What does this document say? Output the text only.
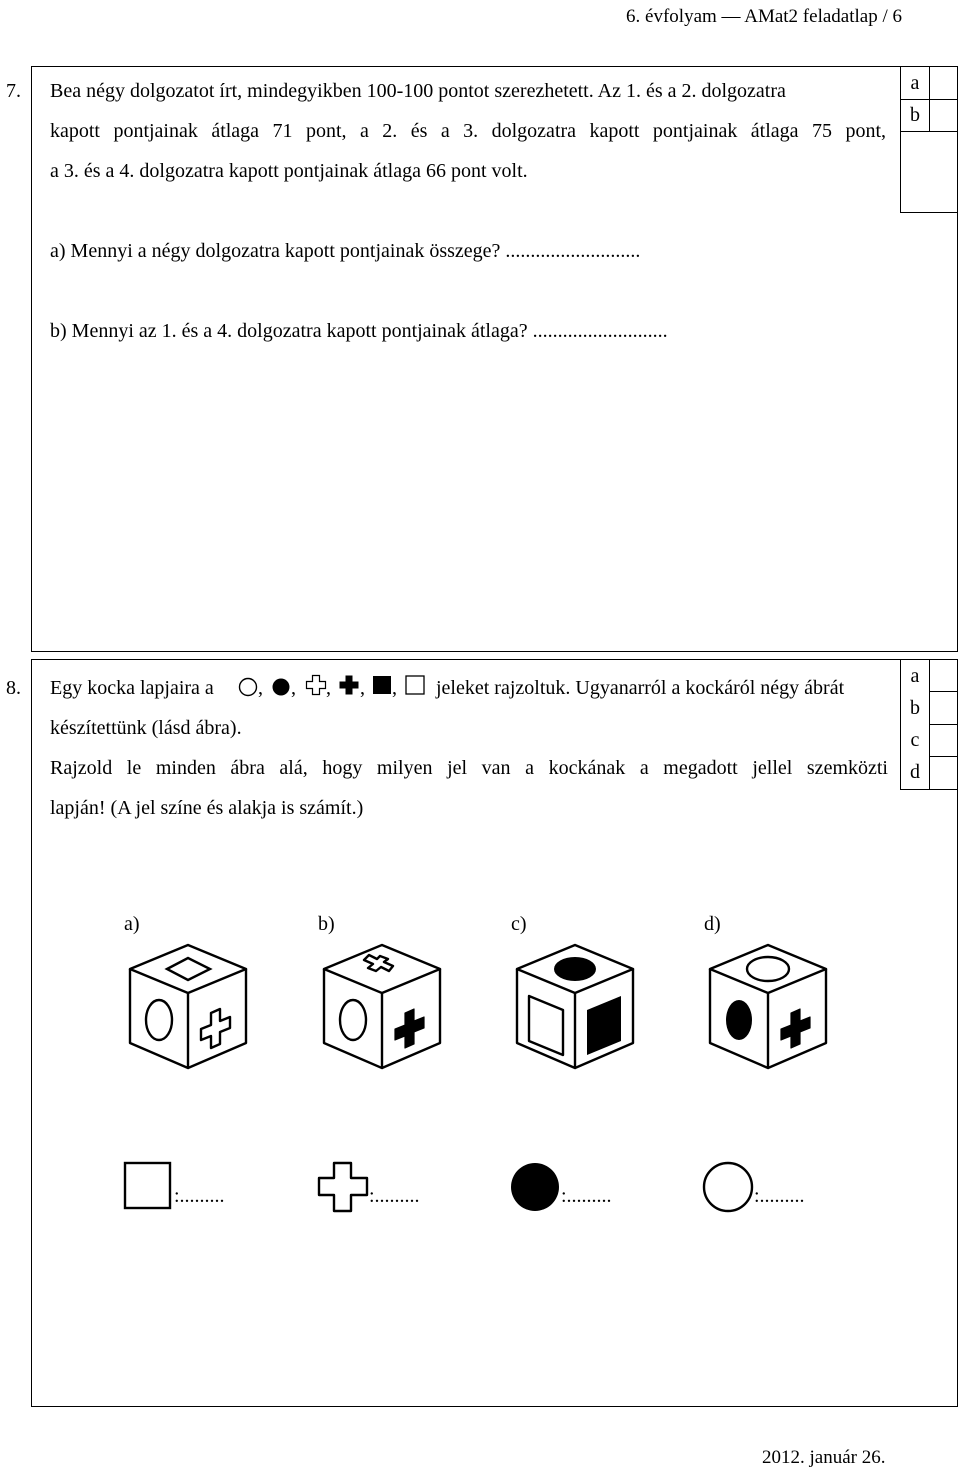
6. évfolyam — AMat2 feladatlap / 6
a
b
7. Bea négy dolgozatot írt, mindegyikben 100-100 pontot szerezhetett. Az 1. és a 2. dolgozatra
kapott pontjainak átlaga 71 pont, a 2. és a 3. dolgozatra kapott pontjainak átlaga 75 pont,
a 3. és a 4. dolgozatra kapott pontjainak átlaga 66 pont volt.
a) Mennyi a négy dolgozatra kapott pontjainak összege? ...........................
b) Mennyi az 1. és a 4. dolgozatra kapott pontjainak átlaga? ...........................
a
b
c
d
8. Egy kocka lapjaira a , , , , , jeleket rajzoltuk. Ugyanarról a kockáról négy ábrát
készítettünk (lásd ábra).
Rajzold le minden ábra alá, hogy milyen jel van a kockának a megadott jellel szemközti
lapján! (A jel színe és alakja is számít.)
a)	b)	c)	d)
:.........	:.........	:.........	:.........
2012. január 26.
